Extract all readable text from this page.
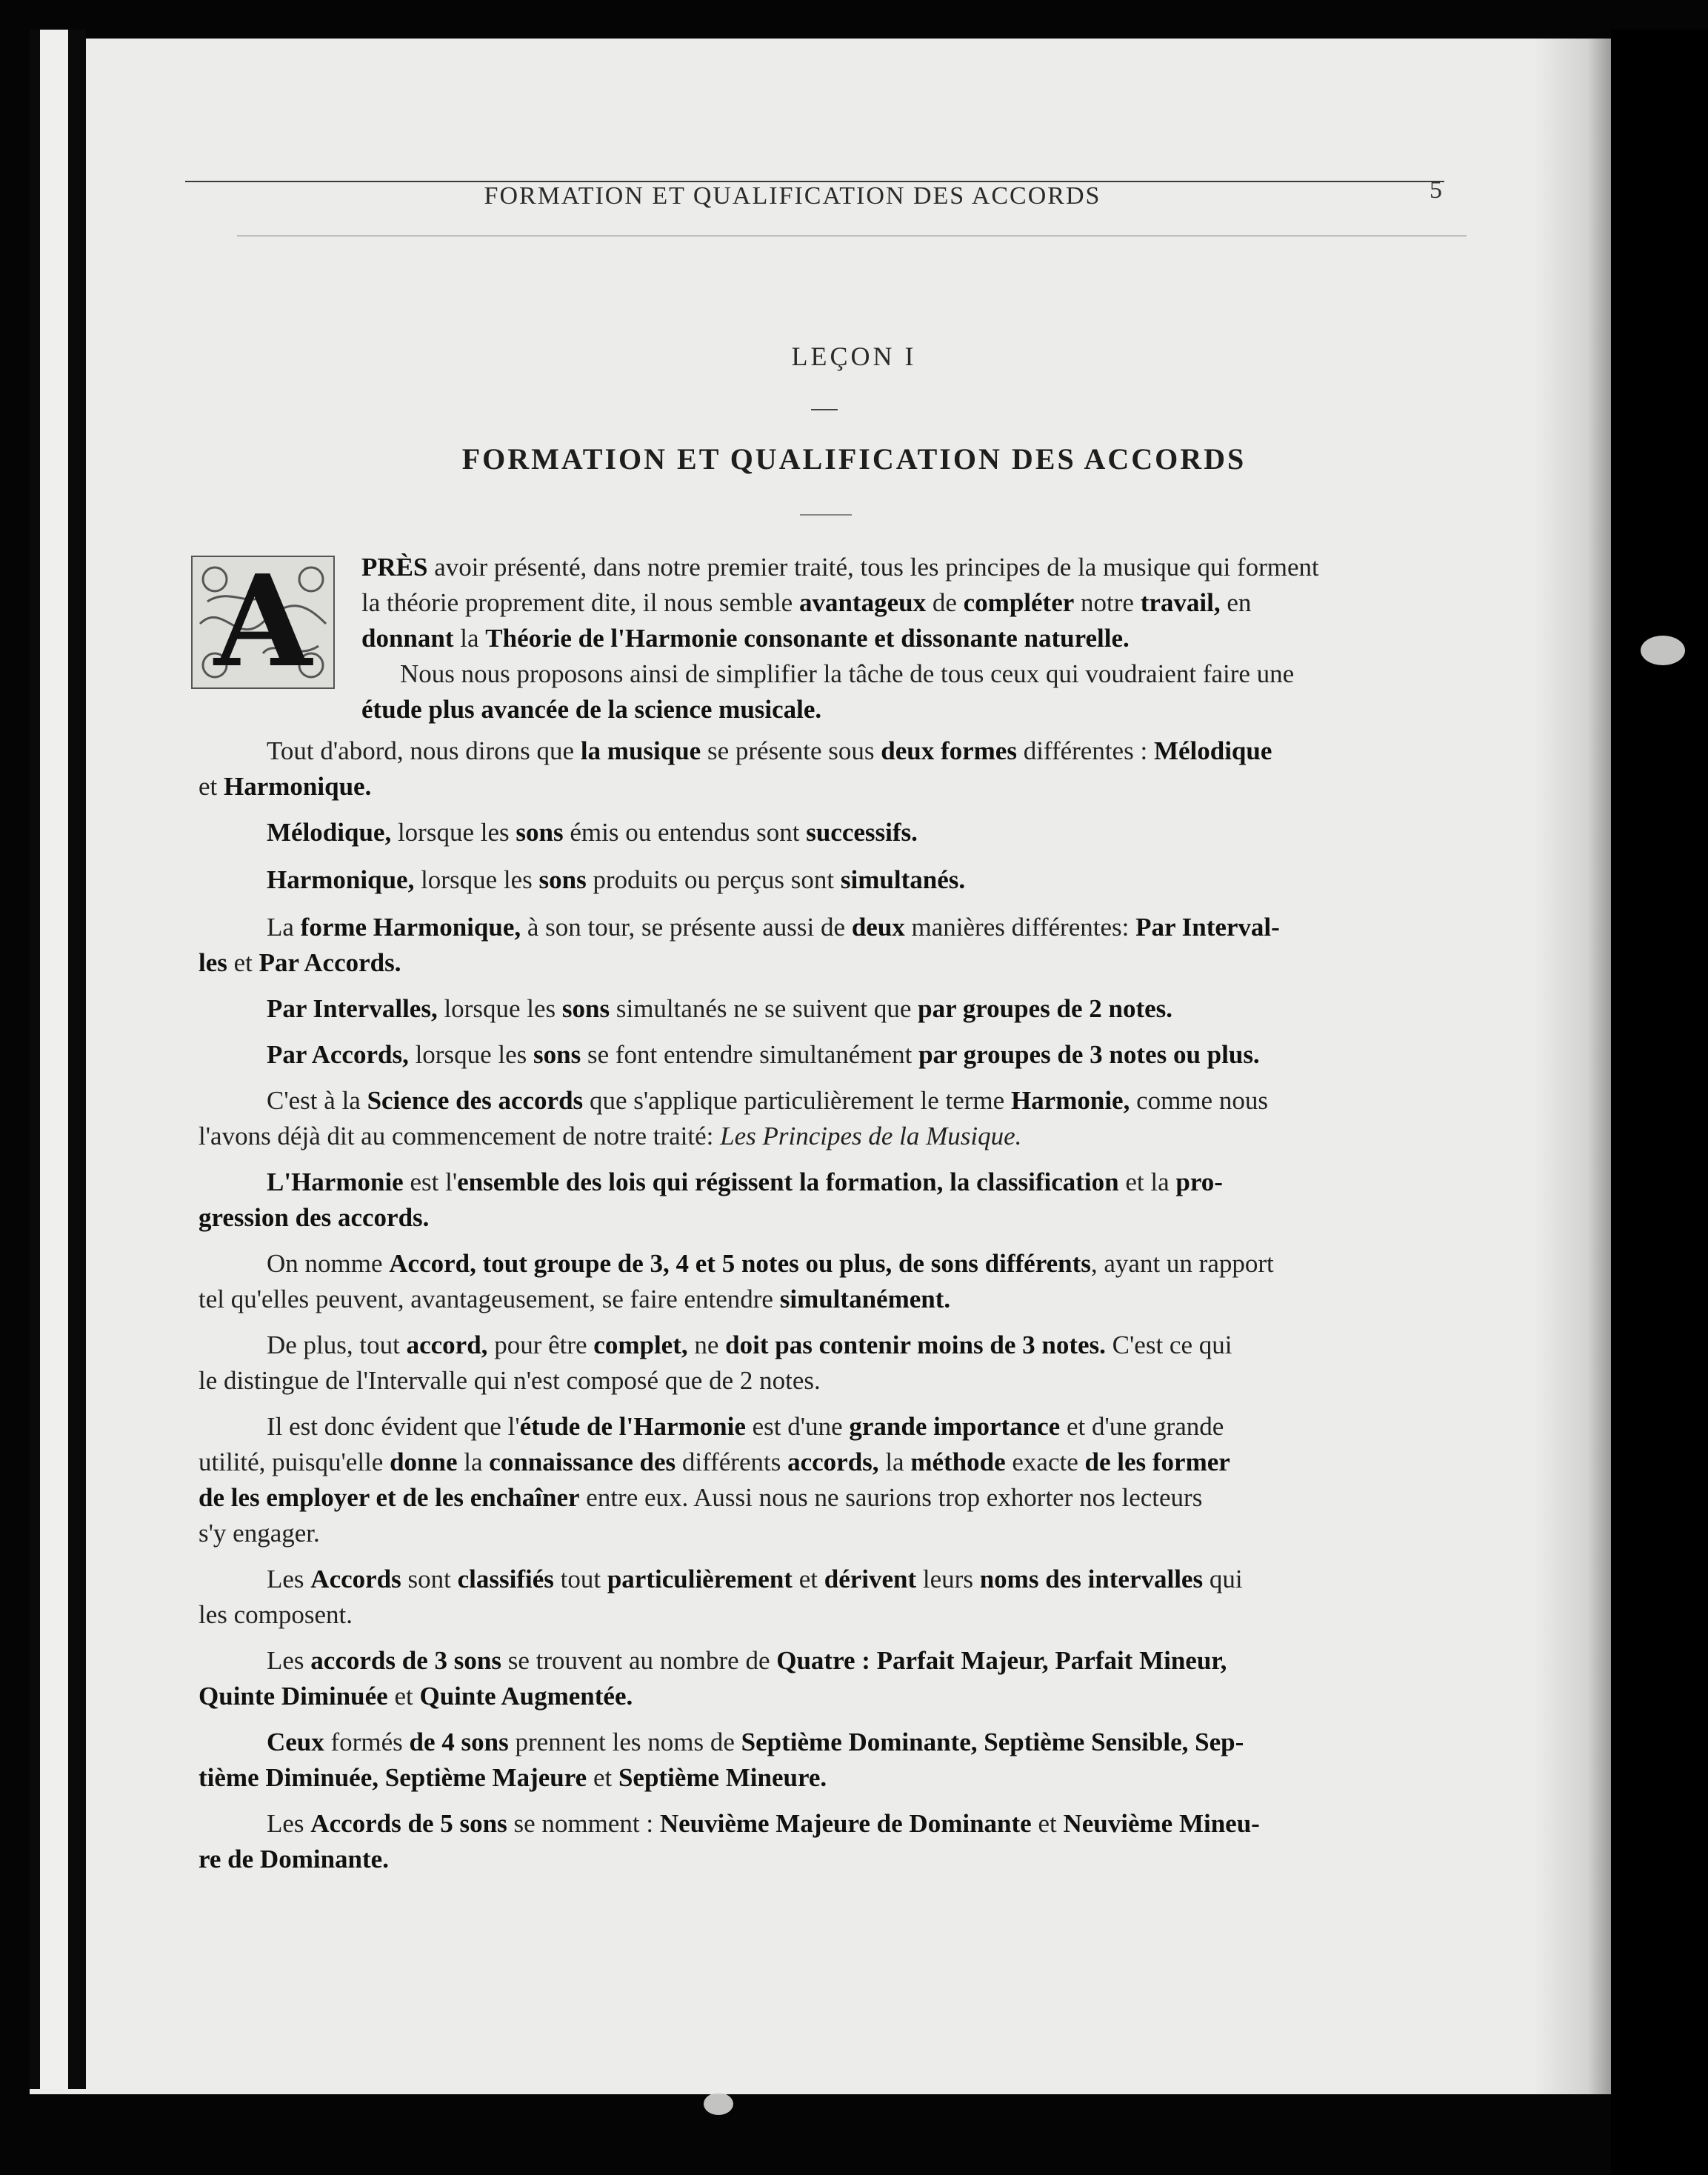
FORMATION ET QUALIFICATION DES ACCORDS	5
LEÇON I
FORMATION ET QUALIFICATION DES ACCORDS
A	PRÈS avoir présenté, dans notre premier traité, tous les principes de la musique qui forment
la théorie proprement dite, il nous semble avantageux de compléter notre travail, en
donnant la Théorie de l'Harmonie consonante et dissonante naturelle.
Nous nous proposons ainsi de simplifier la tâche de tous ceux qui voudraient faire une
étude plus avancée de la science musicale.
Tout d'abord, nous dirons que la musique se présente sous deux formes différentes : Mélodique
et Harmonique.
Mélodique, lorsque les sons émis ou entendus sont successifs.
Harmonique, lorsque les sons produits ou perçus sont simultanés.
La forme Harmonique, à son tour, se présente aussi de deux manières différentes: Par Interval-
les et Par Accords.
Par Intervalles, lorsque les sons simultanés ne se suivent que par groupes de 2 notes.
Par Accords, lorsque les sons se font entendre simultanément par groupes de 3 notes ou plus.
C'est à la Science des accords que s'applique particulièrement le terme Harmonie, comme nous
l'avons déjà dit au commencement de notre traité: Les Principes de la Musique.
L'Harmonie est l'ensemble des lois qui régissent la formation, la classification et la pro-
gression des accords.
On nomme Accord, tout groupe de 3, 4 et 5 notes ou plus, de sons différents, ayant un rapport
tel qu'elles peuvent, avantageusement, se faire entendre simultanément.
De plus, tout accord, pour être complet, ne doit pas contenir moins de 3 notes. C'est ce qui
le distingue de l'Intervalle qui n'est composé que de 2 notes.
Il est donc évident que l'étude de l'Harmonie est d'une grande importance et d'une grande
utilité, puisqu'elle donne la connaissance des différents accords, la méthode exacte de les former
de les employer et de les enchaîner entre eux. Aussi nous ne saurions trop exhorter nos lecteurs
s'y engager.
Les Accords sont classifiés tout particulièrement et dérivent leurs noms des intervalles qui
les composent.
Les accords de 3 sons se trouvent au nombre de Quatre : Parfait Majeur, Parfait Mineur,
Quinte Diminuée et Quinte Augmentée.
Ceux formés de 4 sons prennent les noms de Septième Dominante, Septième Sensible, Sep-
tième Diminuée, Septième Majeure et Septième Mineure.
Les Accords de 5 sons se nomment : Neuvième Majeure de Dominante et Neuvième Mineu-
re de Dominante.
